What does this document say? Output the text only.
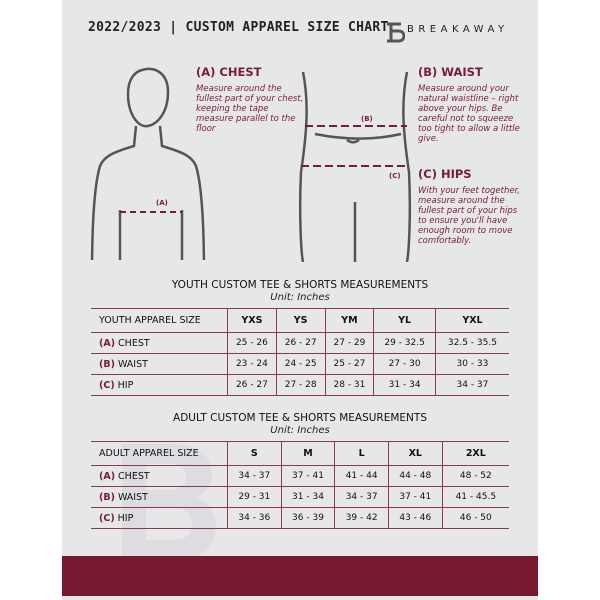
2022/2023 | CUSTOM APPAREL SIZE CHART BREAKAWAY
(A)
(A) CHEST
Measure around the fullest part of your chest, keeping the tape measure parallel to the floor
(B)
(C)
(B) WAIST
Measure around your natural waistline – right above your hips. Be careful not to squeeze too tight to allow a little give.
(C) HIPS
With your feet together, measure around the fullest part of your hips to ensure you'll have enough room to move comfortably.
YOUTH CUSTOM TEE & SHORTS MEASUREMENTS
Unit: Inches
YOUTH APPAREL SIZE	YXS	YS	YM	YL	YXL
(A) CHEST	25 - 26	26 - 27	27 - 29	29 - 32.5	32.5 - 35.5
(B) WAIST	23 - 24	24 - 25	25 - 27	27 - 30	30 - 33
(C) HIP	26 - 27	27 - 28	28 - 31	31 - 34	34 - 37
ADULT CUSTOM TEE & SHORTS MEASUREMENTS
Unit: Inches
ADULT APPAREL SIZE	S	M	L	XL	2XL
(A) CHEST	34 - 37	37 - 41	41 - 44	44 - 48	48 - 52
(B) WAIST	29 - 31	31 - 34	34 - 37	37 - 41	41 - 45.5
(C) HIP	34 - 36	36 - 39	39 - 42	43 - 46	46 - 50
